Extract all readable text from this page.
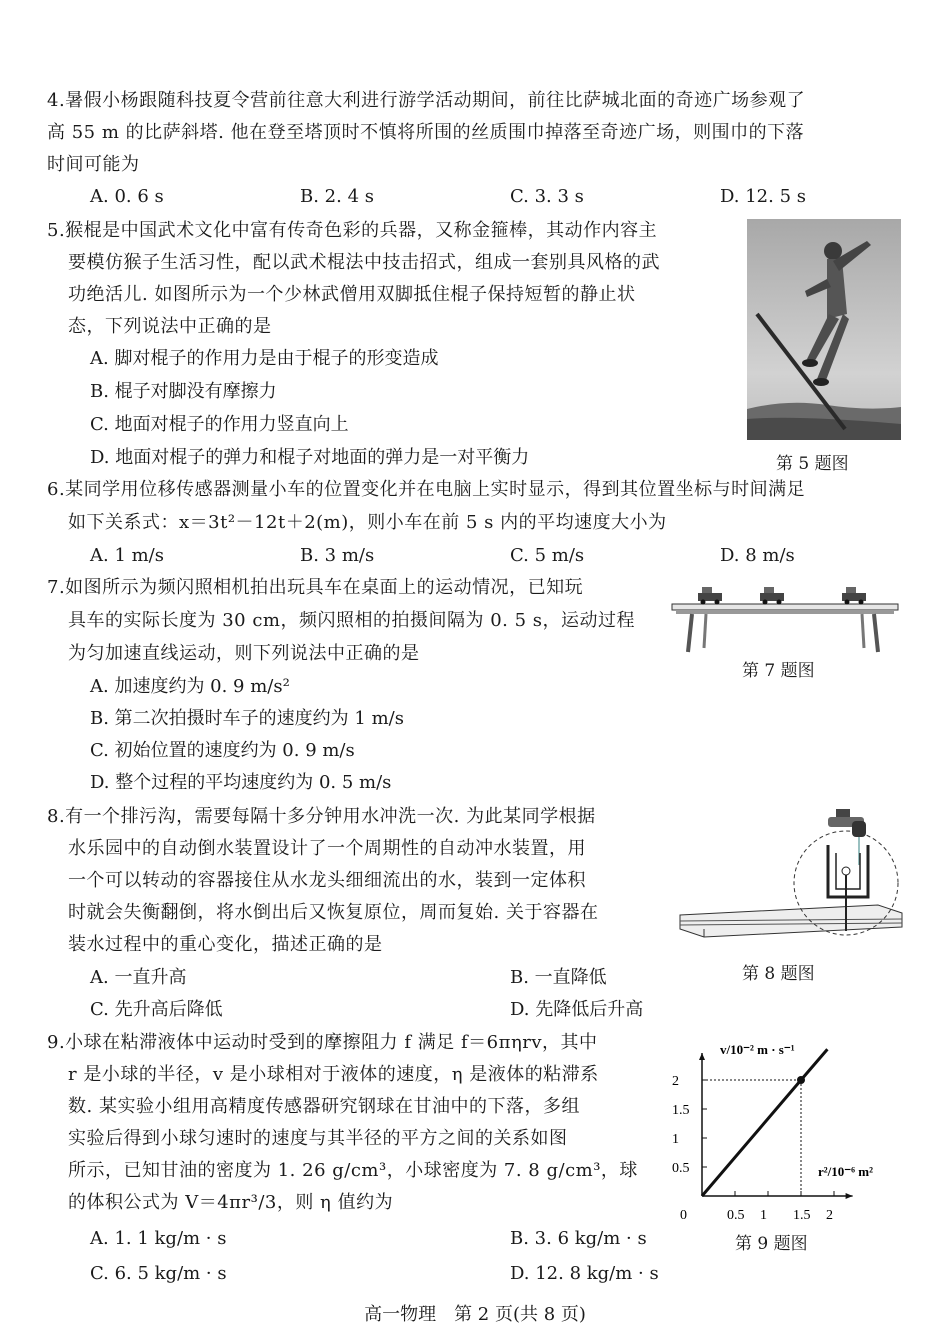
4.暑假小杨跟随科技夏令营前往意大利进行游学活动期间，前往比萨城北面的奇迹广场参观了
高 55 m 的比萨斜塔. 他在登至塔顶时不慎将所围的丝质围巾掉落至奇迹广场，则围巾的下落
时间可能为
A. 0. 6 s	B. 2. 4 s	C. 3. 3 s	D. 12. 5 s
5.猴棍是中国武术文化中富有传奇色彩的兵器，又称金箍棒，其动作内容主
要模仿猴子生活习性，配以武术棍法中技击招式，组成一套别具风格的武
功绝活儿. 如图所示为一个少林武僧用双脚抵住棍子保持短暂的静止状
态，下列说法中正确的是
A. 脚对棍子的作用力是由于棍子的形变造成
B. 棍子对脚没有摩擦力
C. 地面对棍子的作用力竖直向上
D. 地面对棍子的弹力和棍子对地面的弹力是一对平衡力	第 5 题图
6.某同学用位移传感器测量小车的位置变化并在电脑上实时显示，得到其位置坐标与时间满足
如下关系式：x＝3t²－12t＋2(m)，则小车在前 5 s 内的平均速度大小为
A. 1 m/s	B. 3 m/s	C. 5 m/s	D. 8 m/s
7.如图所示为频闪照相机拍出玩具车在桌面上的运动情况，已知玩
具车的实际长度为 30 cm，频闪照相的拍摄间隔为 0. 5 s，运动过程
为匀加速直线运动，则下列说法中正确的是
A. 加速度约为 0. 9 m/s²
B. 第二次拍摄时车子的速度约为 1 m/s
C. 初始位置的速度约为 0. 9 m/s
D. 整个过程的平均速度约为 0. 5 m/s
第 7 题图
8.有一个排污沟，需要每隔十多分钟用水冲洗一次. 为此某同学根据
水乐园中的自动倒水装置设计了一个周期性的自动冲水装置，用
一个可以转动的容器接住从水龙头细细流出的水，装到一定体积
时就会失衡翻倒，将水倒出后又恢复原位，周而复始. 关于容器在
装水过程中的重心变化，描述正确的是
A. 一直升高	B. 一直降低
C. 先升高后降低	D. 先降低后升高
第 8 题图
9.小球在粘滞液体中运动时受到的摩擦阻力 f 满足 f＝6πηrv，其中
r 是小球的半径，v 是小球相对于液体的速度，η 是液体的粘滞系
数. 某实验小组用高精度传感器研究钢球在甘油中的下落，多组
实验后得到小球匀速时的速度与其半径的平方之间的关系如图
所示，已知甘油的密度为 1. 26 g/cm³，小球密度为 7. 8 g/cm³，球
的体积公式为 V＝4πr³/3，则 η 值约为
A. 1. 1 kg/m · s	B. 3. 6 kg/m · s
C. 6. 5 kg/m · s	D. 12. 8 kg/m · s
v/10⁻² m · s⁻¹
r²/10⁻⁶ m²
0	0.5 1 1.5 2
0.5
1
1.5
2
第 9 题图
高一物理　第 2 页(共 8 页)
